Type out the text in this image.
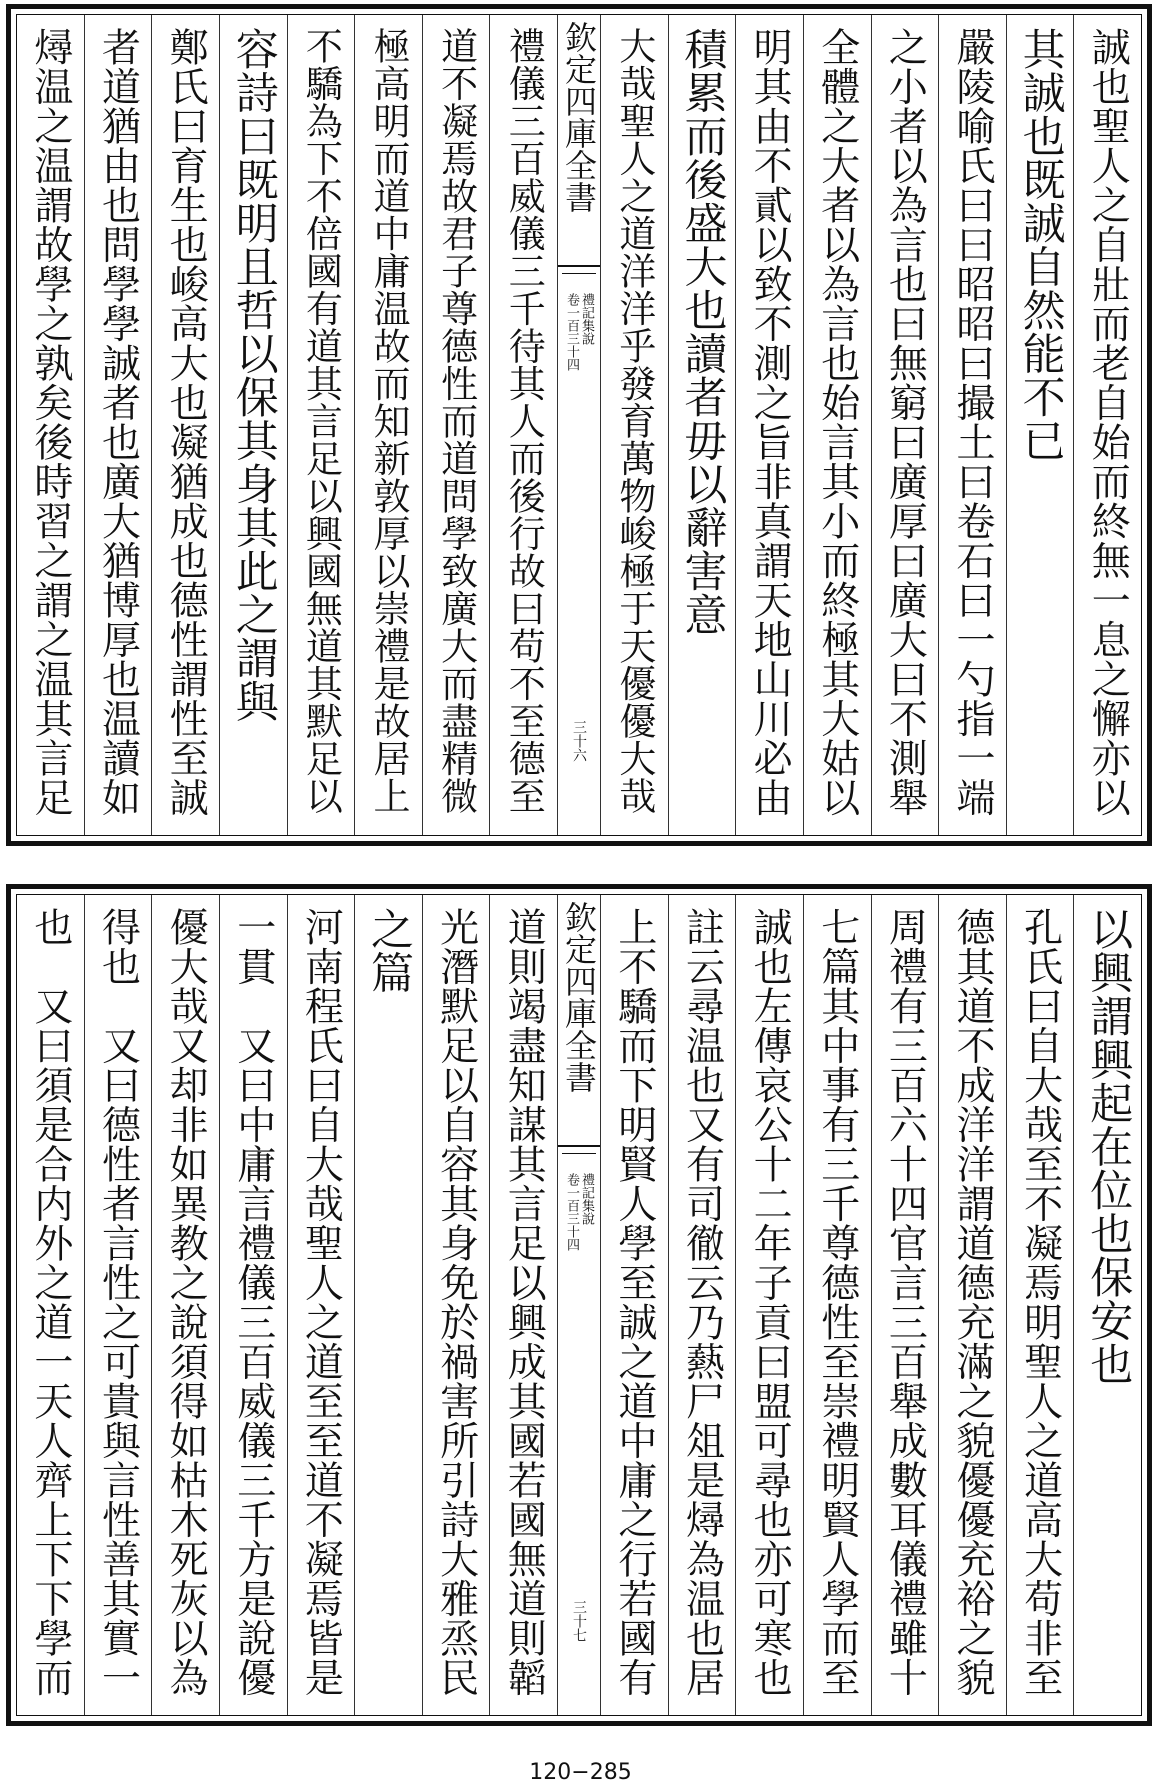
誠也聖人之自壯而老自始而終無一息之懈亦以
其誠也既誠自然能不已
嚴陵喻氏曰曰昭昭曰撮土曰卷石曰一勺指一端
之小者以為言也曰無窮曰廣厚曰廣大曰不測舉
全體之大者以為言也始言其小而終極其大姑以
明其由不貳以致不測之旨非真謂天地山川必由
積累而後盛大也讀者毋以辭害意
大哉聖人之道洋洋乎發育萬物峻極于天優優大哉
欽定四庫全書
禮記集說
卷一百三十四
三十六
禮儀三百威儀三千待其人而後行故曰苟不至德至
道不凝焉故君子尊德性而道問學致廣大而盡精微
極高明而道中庸温故而知新敦厚以崇禮是故居上
不驕為下不倍國有道其言足以興國無道其默足以
容詩曰既明且哲以保其身其此之謂與
鄭氏曰育生也峻高大也凝猶成也德性謂性至誠
者道猶由也問學學誠者也廣大猶博厚也温讀如
燖温之温謂故學之孰矣後時習之謂之温其言足
以興謂興起在位也保安也
孔氏曰自大哉至不凝焉明聖人之道高大苟非至
德其道不成洋洋謂道德充滿之貌優優充裕之貌
周禮有三百六十四官言三百舉成數耳儀禮雖十
七篇其中事有三千尊德性至崇禮明賢人學而至
誠也左傳哀公十二年子貢曰盟可尋也亦可寒也
註云尋温也又有司徹云乃爇尸俎是燖為温也居
上不驕而下明賢人學至誠之道中庸之行若國有
欽定四庫全書
禮記集說
卷一百三十四
三十七
道則竭盡知謀其言足以興成其國若國無道則韜
光潛默足以自容其身免於禍害所引詩大雅烝民
之篇
河南程氏曰自大哉聖人之道至至道不凝焉皆是
一貫　又曰中庸言禮儀三百威儀三千方是說優
優大哉又却非如異教之說須得如枯木死灰以為
得也　又曰德性者言性之可貴與言性善其實一
也　又曰須是合内外之道一天人齊上下下學而
120−285
